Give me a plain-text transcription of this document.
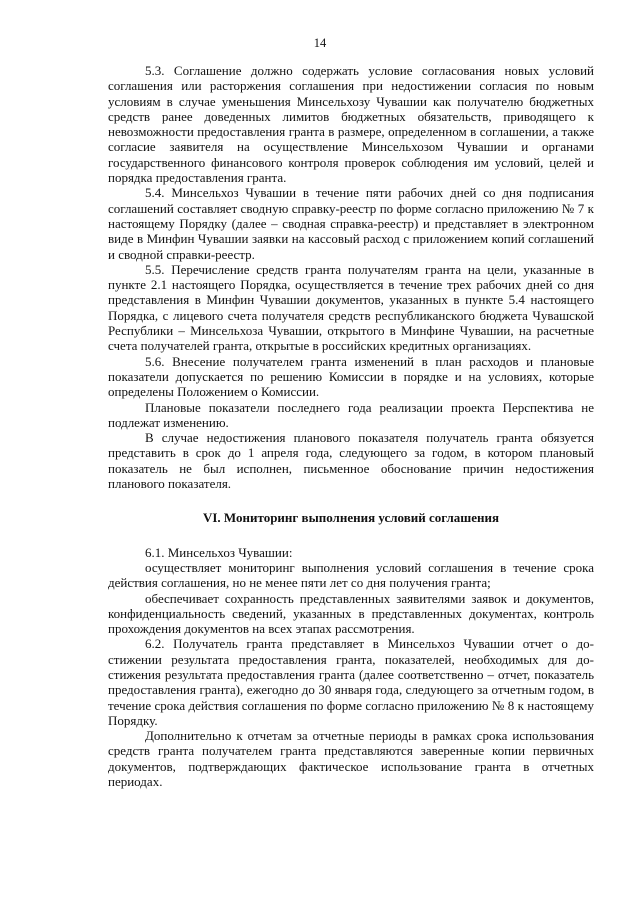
14

5.3. Соглашение должно содержать условие согласования новых условий соглашения или расторжения соглашения при недостижении согласия по новым условиям в случае уменьшения Минсельхозу Чувашии как получателю бюджетных средств ранее доведенных лимитов бюджетных обязательств, приводящего к невозможности предоставления гранта в размере, определенном в соглашении, а также согласие заявителя на осуществление Минсельхозом Чувашии и органами государственного финансового контроля проверок соблюдения им условий, целей и порядка предоставления гранта.

5.4. Минсельхоз Чувашии в течение пяти рабочих дней со дня подписания соглашений составляет сводную справку-реестр по форме согласно приложению № 7 к настоящему Порядку (далее – сводная справка-реестр) и представляет в электронном виде в Минфин Чувашии заявки на кассовый расход с приложением копий соглашений и сводной справки-реестр.

5.5. Перечисление средств гранта получателям гранта на цели, указанные в пункте 2.1 настоящего Порядка, осуществляется в течение трех рабочих дней со дня представления в Минфин Чувашии документов, указанных в пункте 5.4 настоящего Порядка, с лицевого счета получателя средств республиканского бюджета Чувашской Республики – Минсельхоза Чувашии, открытого в Минфине Чувашии, на расчетные счета получателей гранта, открытые в российских кредитных организациях.

5.6. Внесение получателем гранта изменений в план расходов и плановые показатели допускается по решению Комиссии в порядке и на условиях, которые определены Положением о Комиссии.

Плановые показатели последнего года реализации проекта Перспектива не подлежат изменению.

В случае недостижения планового показателя получатель гранта обязуется представить в срок до 1 апреля года, следующего за годом, в котором плановый показатель не был исполнен, письменное обоснование причин недостижения планового показателя.

VI. Мониторинг выполнения условий соглашения

6.1. Минсельхоз Чувашии:

осуществляет мониторинг выполнения условий соглашения в течение срока действия соглашения, но не менее пяти лет со дня получения гранта;

обеспечивает сохранность представленных заявителями заявок и документов, конфиденциальность сведений, указанных в представленных документах, контроль прохождения документов на всех этапах рассмотрения.

6.2. Получатель гранта представляет в Минсельхоз Чувашии отчет о достижении результата предоставления гранта, показателей, необходимых для достижения результата предоставления гранта (далее соответственно – отчет, показатель предоставления гранта), ежегодно до 30 января года, следующего за отчетным годом, в течение срока действия соглашения по форме согласно приложению № 8 к настоящему Порядку.

Дополнительно к отчетам за отчетные периоды в рамках срока использования средств гранта получателем гранта представляются заверенные копии первичных документов, подтверждающих фактическое использование гранта в отчетных периодах.
